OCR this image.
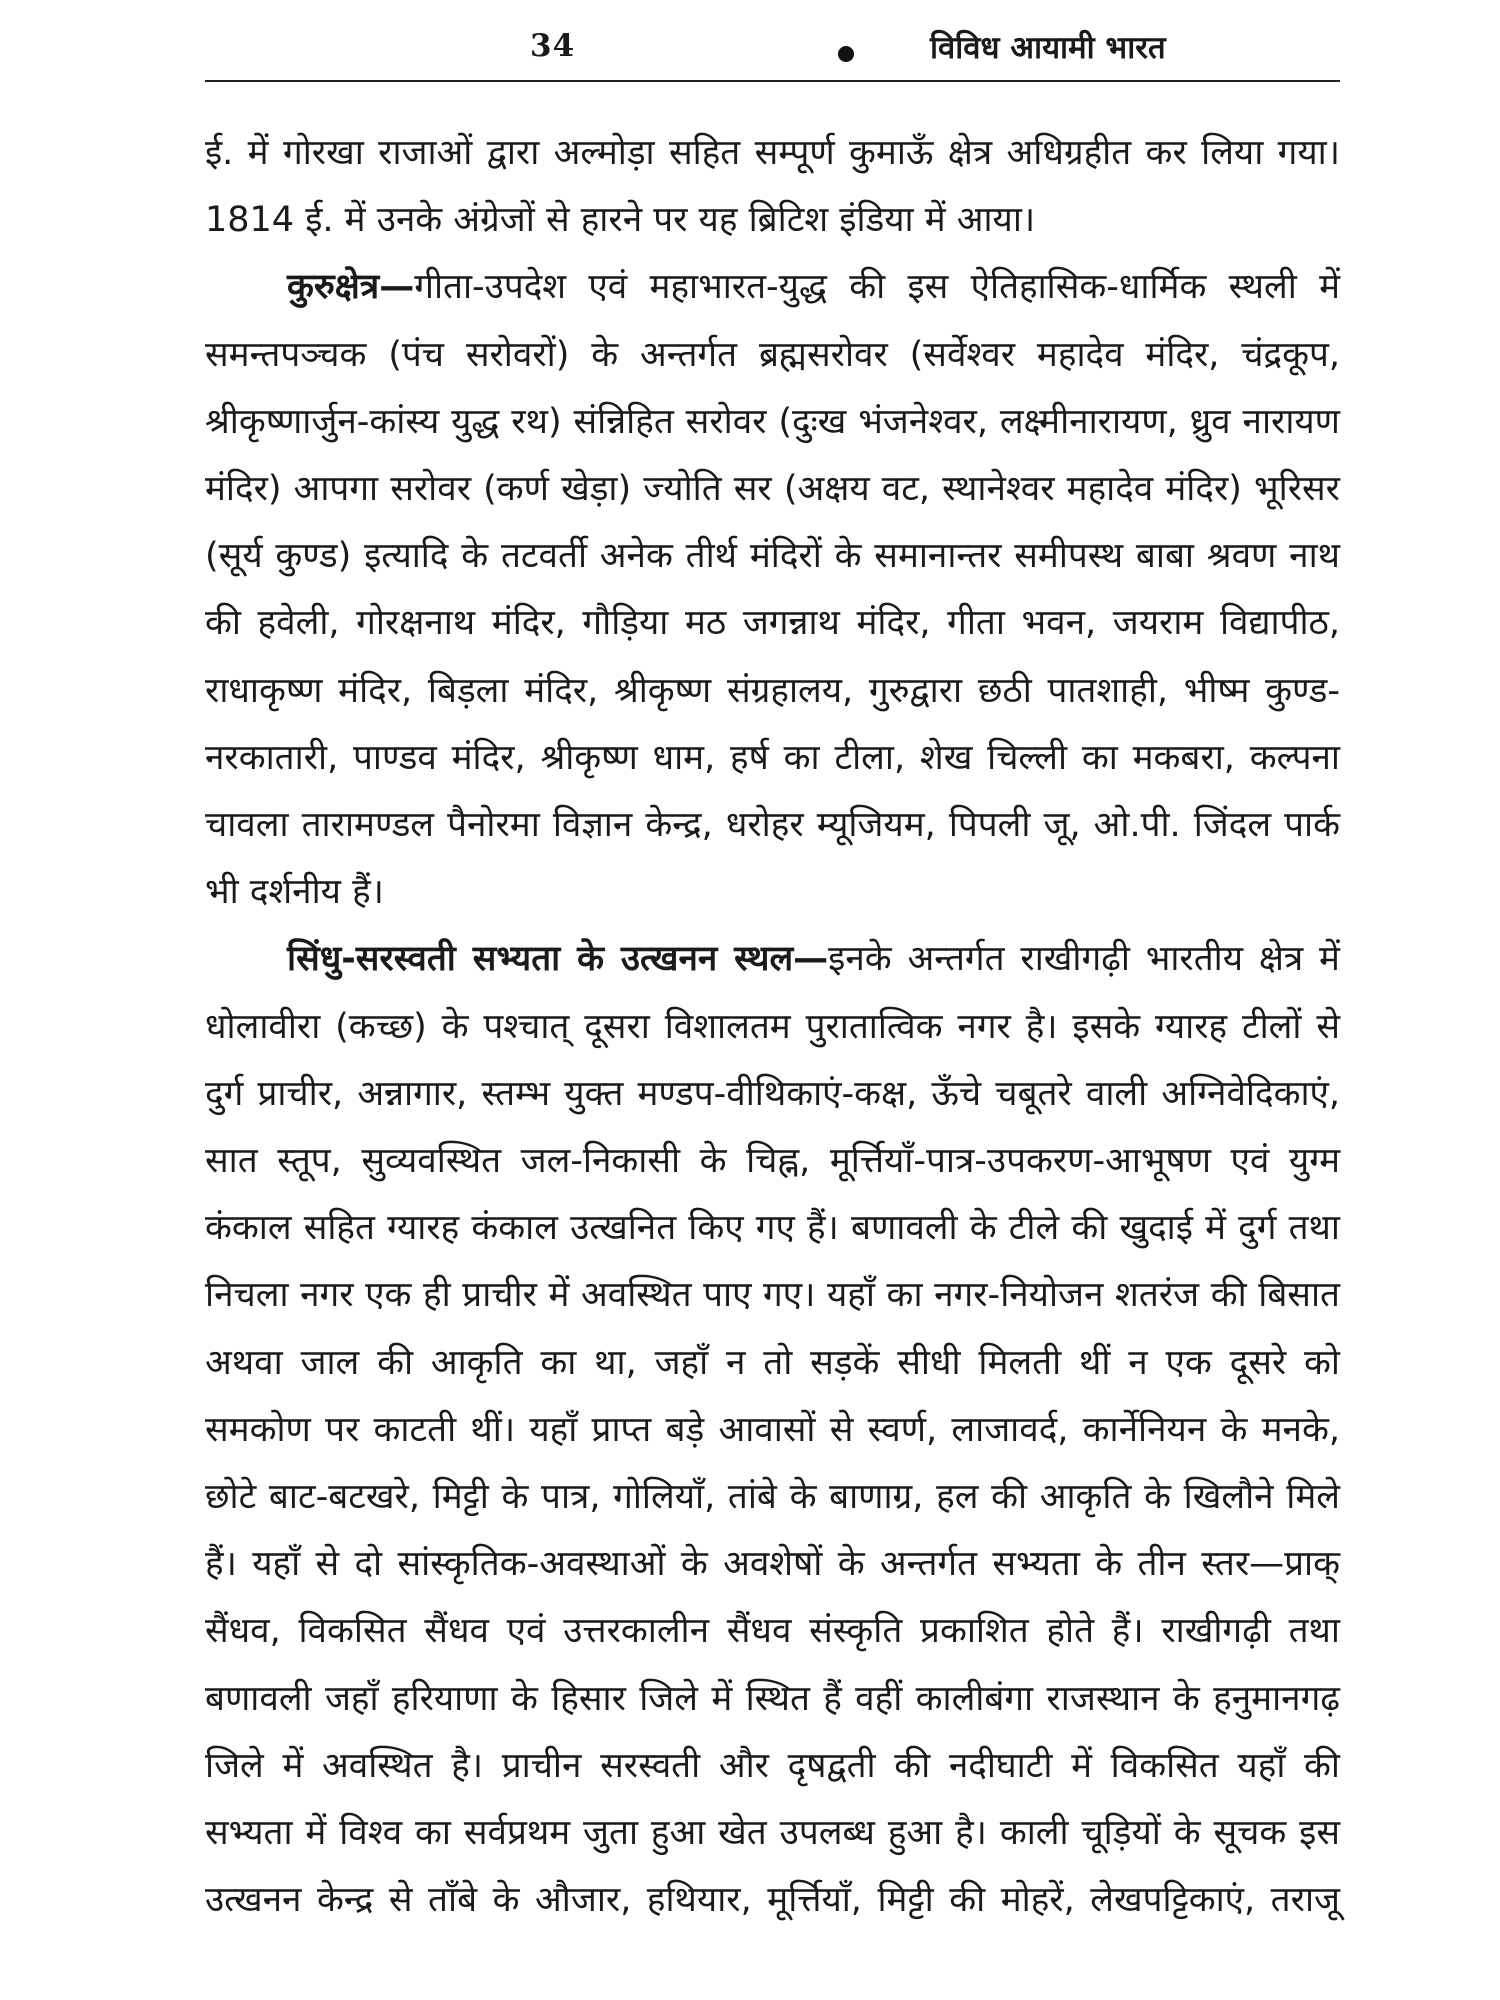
34	विविध आयामी भारत

ई. में गोरखा राजाओं द्वारा अल्मोड़ा सहित सम्पूर्ण कुमाऊँ क्षेत्र अधिग्रहीत कर लिया गया। 1814 ई. में उनके अंग्रेजों से हारने पर यह ब्रिटिश इंडिया में आया।

कुरुक्षेत्र—गीता-उपदेश एवं महाभारत-युद्ध की इस ऐतिहासिक-धार्मिक स्थली में समन्तपञ्चक (पंच सरोवरों) के अन्तर्गत ब्रह्मसरोवर (सर्वेश्वर महादेव मंदिर, चंद्रकूप, श्रीकृष्णार्जुन-कांस्य युद्ध रथ) संन्निहित सरोवर (दुःख भंजनेश्वर, लक्ष्मीनारायण, ध्रुव नारायण मंदिर) आपगा सरोवर (कर्ण खेड़ा) ज्योति सर (अक्षय वट, स्थानेश्वर महादेव मंदिर) भूरिसर (सूर्य कुण्ड) इत्यादि के तटवर्ती अनेक तीर्थ मंदिरों के समानान्तर समीपस्थ बाबा श्रवण नाथ की हवेली, गोरक्षनाथ मंदिर, गौड़िया मठ जगन्नाथ मंदिर, गीता भवन, जयराम विद्यापीठ, राधाकृष्ण मंदिर, बिड़ला मंदिर, श्रीकृष्ण संग्रहालय, गुरुद्वारा छठी पातशाही, भीष्म कुण्ड-नरकातारी, पाण्डव मंदिर, श्रीकृष्ण धाम, हर्ष का टीला, शेख चिल्ली का मकबरा, कल्पना चावला तारामण्डल पैनोरमा विज्ञान केन्द्र, धरोहर म्यूजियम, पिपली जू, ओ.पी. जिंदल पार्क भी दर्शनीय हैं।

सिंधु-सरस्वती सभ्यता के उत्खनन स्थल—इनके अन्तर्गत राखीगढ़ी भारतीय क्षेत्र में धोलावीरा (कच्छ) के पश्चात् दूसरा विशालतम पुरातात्विक नगर है। इसके ग्यारह टीलों से दुर्ग प्राचीर, अन्नागार, स्तम्भ युक्त मण्डप-वीथिकाएं-कक्ष, ऊँचे चबूतरे वाली अग्निवेदिकाएं, सात स्तूप, सुव्यवस्थित जल-निकासी के चिह्न, मूर्त्तियाँ-पात्र-उपकरण-आभूषण एवं युग्म कंकाल सहित ग्यारह कंकाल उत्खनित किए गए हैं। बणावली के टीले की खुदाई में दुर्ग तथा निचला नगर एक ही प्राचीर में अवस्थित पाए गए। यहाँ का नगर-नियोजन शतरंज की बिसात अथवा जाल की आकृति का था, जहाँ न तो सड़कें सीधी मिलती थीं न एक दूसरे को समकोण पर काटती थीं। यहाँ प्राप्त बड़े आवासों से स्वर्ण, लाजावर्द, कार्नेनियन के मनके, छोटे बाट-बटखरे, मिट्टी के पात्र, गोलियाँ, तांबे के बाणाग्र, हल की आकृति के खिलौने मिले हैं। यहाँ से दो सांस्कृतिक-अवस्थाओं के अवशेषों के अन्तर्गत सभ्यता के तीन स्तर—प्राक् सैंधव, विकसित सैंधव एवं उत्तरकालीन सैंधव संस्कृति प्रकाशित होते हैं। राखीगढ़ी तथा बणावली जहाँ हरियाणा के हिसार जिले में स्थित हैं वहीं कालीबंगा राजस्थान के हनुमानगढ़ जिले में अवस्थित है। प्राचीन सरस्वती और दृषद्वती की नदीघाटी में विकसित यहाँ की सभ्यता में विश्व का सर्वप्रथम जुता हुआ खेत उपलब्ध हुआ है। काली चूड़ियों के सूचक इस उत्खनन केन्द्र से ताँबे के औजार, हथियार, मूर्त्तियाँ, मिट्टी की मोहरें, लेखपट्टिकाएं, तराजू
